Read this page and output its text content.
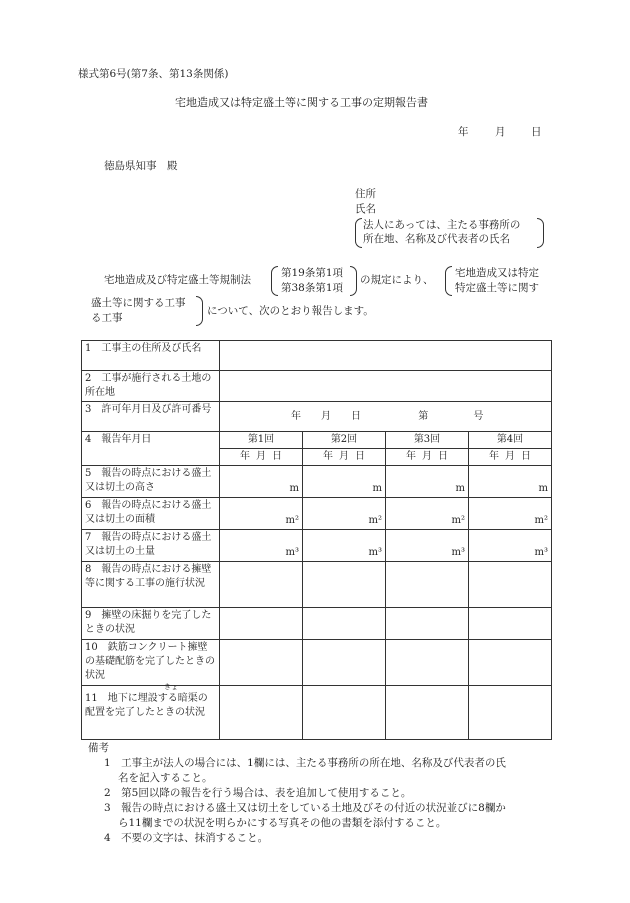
様式第6号(第7条、第13条関係)
宅地造成又は特定盛土等に関する工事の定期報告書
年	月 日
徳島県知事　殿
住所
氏名
法人にあっては、主たる事務所の
所在地、名称及び代表者の氏名
宅地造成及び特定盛土等規制法
第19条第1項
第38条第1項
の規定により、
宅地造成又は特定
特定盛土等に関す
盛土等に関する工事
る工事
について、次のとおり報告します。
1　工事主の住所及び氏名				
2　工事が施行される土地の所在地				
3　許可年月日及び許可番号	年　　月　　日 第 号			
4　報告年月日	第1回	第2回	第3回	第4回
	年 月 日	年 月 日	年 月 日	年 月 日
5　報告の時点における盛土又は切土の高さ	m	m	m	m
6　報告の時点における盛土又は切土の面積	m²	m²	m²	m²
7　報告の時点における盛土又は切土の土量	m³	m³	m³	m³
8　報告の時点における擁壁等に関する工事の施行状況				
9　擁壁の床掘りを完了したときの状況				
10　鉄筋コンクリート擁壁の基礎配筋を完了したときの状況				

きょ
11　地下に埋設する暗渠の配置を完了したときの状況				
備考
1　工事主が法人の場合には、1欄には、主たる事務所の所在地、名称及び代表者の氏
名を記入すること。
2　第5回以降の報告を行う場合は、表を追加して使用すること。
3　報告の時点における盛土又は切土をしている土地及びその付近の状況並びに8欄か
ら11欄までの状況を明らかにする写真その他の書類を添付すること。
4　不要の文字は、抹消すること。
